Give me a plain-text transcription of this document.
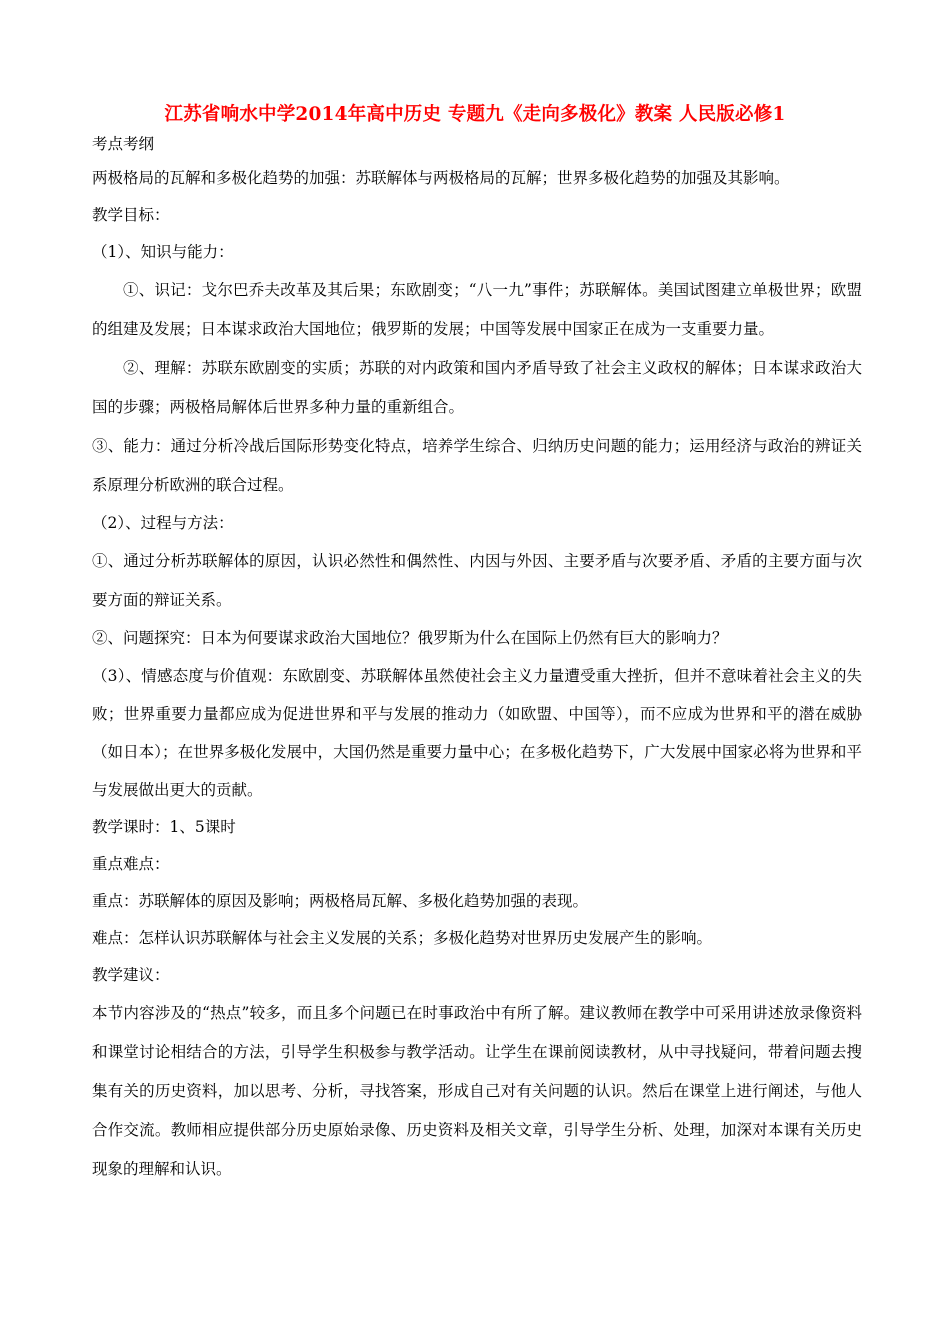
江苏省响水中学2014年高中历史 专题九《走向多极化》教案 人民版必修1

考点考纲

两极格局的瓦解和多极化趋势的加强：苏联解体与两极格局的瓦解；世界多极化趋势的加强及其影响。

教学目标：

（1）、知识与能力：

①、识记：戈尔巴乔夫改革及其后果；东欧剧变；“八一九”事件；苏联解体。美国试图建立单极世界；欧盟的组建及发展；日本谋求政治大国地位；俄罗斯的发展；中国等发展中国家正在成为一支重要力量。

②、理解：苏联东欧剧变的实质；苏联的对内政策和国内矛盾导致了社会主义政权的解体；日本谋求政治大国的步骤；两极格局解体后世界多种力量的重新组合。

③、能力：通过分析冷战后国际形势变化特点，培养学生综合、归纳历史问题的能力；运用经济与政治的辨证关系原理分析欧洲的联合过程。

（2）、过程与方法：

①、通过分析苏联解体的原因，认识必然性和偶然性、内因与外因、主要矛盾与次要矛盾、矛盾的主要方面与次要方面的辩证关系。

②、问题探究：日本为何要谋求政治大国地位？俄罗斯为什么在国际上仍然有巨大的影响力？

（3）、情感态度与价值观：东欧剧变、苏联解体虽然使社会主义力量遭受重大挫折，但并不意味着社会主义的失败；世界重要力量都应成为促进世界和平与发展的推动力（如欧盟、中国等），而不应成为世界和平的潜在威胁（如日本）；在世界多极化发展中，大国仍然是重要力量中心；在多极化趋势下，广大发展中国家必将为世界和平与发展做出更大的贡献。

教学课时：1、5课时

重点难点：

重点：苏联解体的原因及影响；两极格局瓦解、多极化趋势加强的表现。

难点：怎样认识苏联解体与社会主义发展的关系；多极化趋势对世界历史发展产生的影响。

教学建议：

本节内容涉及的“热点”较多，而且多个问题已在时事政治中有所了解。建议教师在教学中可采用讲述放录像资料和课堂讨论相结合的方法，引导学生积极参与教学活动。让学生在课前阅读教材，从中寻找疑问，带着问题去搜集有关的历史资料，加以思考、分析，寻找答案，形成自己对有关问题的认识。然后在课堂上进行阐述，与他人合作交流。教师相应提供部分历史原始录像、历史资料及相关文章，引导学生分析、处理，加深对本课有关历史现象的理解和认识。
